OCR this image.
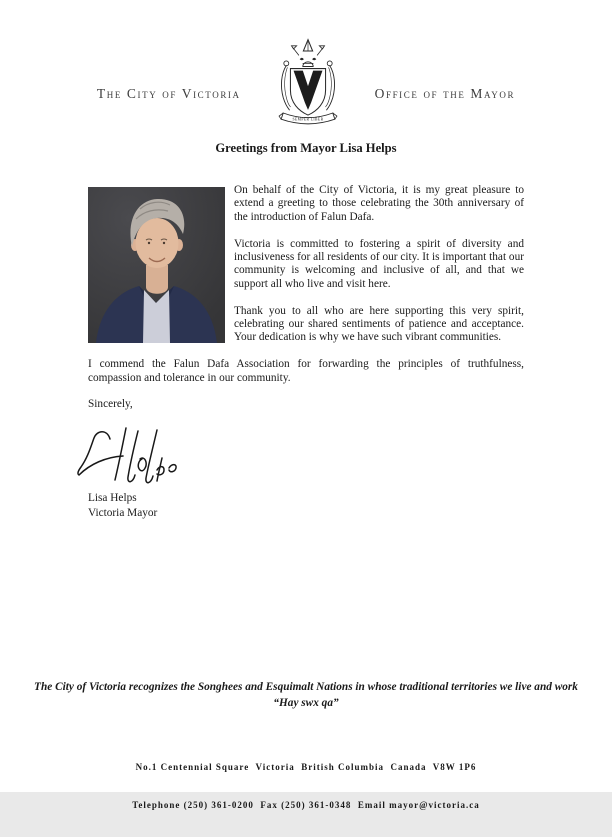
The City of Victoria
SEMPER LIBER
Office of the Mayor
Greetings from Mayor Lisa Helps

On behalf of the City of Victoria, it is my great pleasure to extend a greeting to those celebrating the 30th anniversary of the introduction of Falun Dafa.

Victoria is committed to fostering a spirit of diversity and inclusiveness for all residents of our city. It is important that our community is welcoming and inclusive of all, and that we support all who live and visit here.

Thank you to all who are here supporting this very spirit, celebrating our shared sentiments of patience and acceptance. Your dedication is why we have such vibrant communities.

I commend the Falun Dafa Association for forwarding the principles of truthfulness, compassion and tolerance in our community.

Sincerely,

Lisa Helps
Victoria Mayor
The City of Victoria recognizes the Songhees and Esquimalt Nations in whose traditional territories we live and work
“Hay swx qa”

No.1 Centennial Square  Victoria  British Columbia  Canada  V8W 1P6

Telephone (250) 361-0200  Fax (250) 361-0348  Email mayor@victoria.ca
